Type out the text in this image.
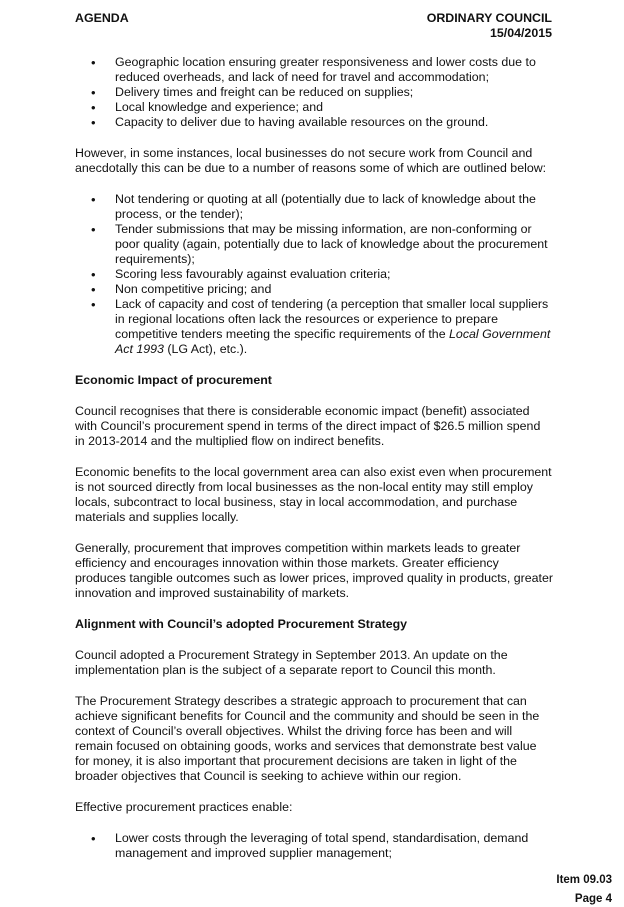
AGENDA	ORDINARY COUNCIL
15/04/2015
• Geographic location ensuring greater responsiveness and lower costs due to reduced overheads, and lack of need for travel and accommodation;
• Delivery times and freight can be reduced on supplies;
• Local knowledge and experience; and
• Capacity to deliver due to having available resources on the ground.

However, in some instances, local businesses do not secure work from Council and anecdotally this can be due to a number of reasons some of which are outlined below:

• Not tendering or quoting at all (potentially due to lack of knowledge about the process, or the tender);
• Tender submissions that may be missing information, are non-conforming or poor quality (again, potentially due to lack of knowledge about the procurement requirements);
• Scoring less favourably against evaluation criteria;
• Non competitive pricing; and
• Lack of capacity and cost of tendering (a perception that smaller local suppliers in regional locations often lack the resources or experience to prepare competitive tenders meeting the specific requirements of the Local Government Act 1993 (LG Act), etc.).
Economic Impact of procurement

Council recognises that there is considerable economic impact (benefit) associated with Council’s procurement spend in terms of the direct impact of $26.5 million spend in 2013-2014 and the multiplied flow on indirect benefits.

Economic benefits to the local government area can also exist even when procurement is not sourced directly from local businesses as the non-local entity may still employ locals, subcontract to local business, stay in local accommodation, and purchase materials and supplies locally.

Generally, procurement that improves competition within markets leads to greater efficiency and encourages innovation within those markets. Greater efficiency produces tangible outcomes such as lower prices, improved quality in products, greater innovation and improved sustainability of markets.

Alignment with Council’s adopted Procurement Strategy

Council adopted a Procurement Strategy in September 2013. An update on the implementation plan is the subject of a separate report to Council this month.

The Procurement Strategy describes a strategic approach to procurement that can achieve significant benefits for Council and the community and should be seen in the context of Council’s overall objectives. Whilst the driving force has been and will remain focused on obtaining goods, works and services that demonstrate best value for money, it is also important that procurement decisions are taken in light of the broader objectives that Council is seeking to achieve within our region.

Effective procurement practices enable:

• Lower costs through the leveraging of total spend, standardisation, demand management and improved supplier management;
Item 09.03
Page 4
